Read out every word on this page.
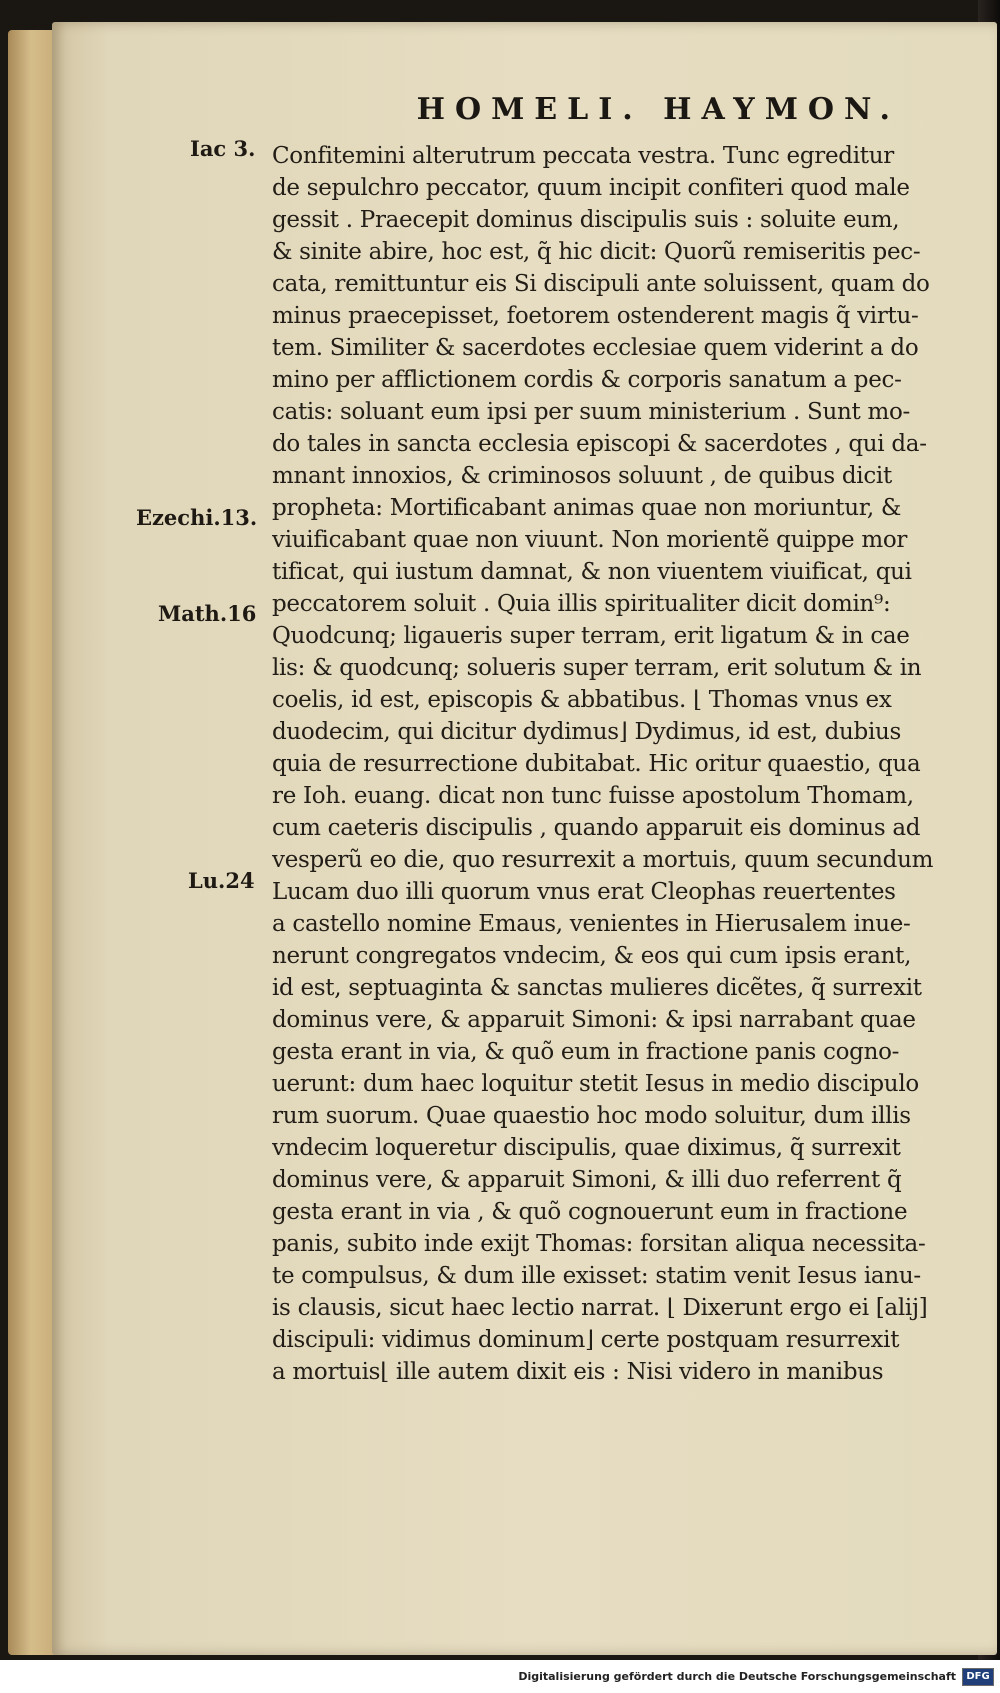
HOMELI. HAYMON.
Iac 3.
Ezechi.13.
Math.16
Lu.24
Confitemini alterutrum peccata vestra. Tunc egreditur
de sepulchro peccator, quum incipit confiteri quod male
gessit . Praecepit dominus discipulis suis : soluite eum,
& sinite abire, hoc est, q̃ hic dicit: Quorũ remiseritis pec-
cata, remittuntur eis Si discipuli ante soluissent, quam do
minus praecepisset, foetorem ostenderent magis q̃ virtu-
tem. Similiter & sacerdotes ecclesiae quem viderint a do
mino per afflictionem cordis & corporis sanatum a pec-
catis: soluant eum ipsi per suum ministerium . Sunt mo-
do tales in sancta ecclesia episcopi & sacerdotes , qui da-
mnant innoxios, & criminosos soluunt , de quibus dicit
propheta: Mortificabant animas quae non moriuntur, &
viuificabant quae non viuunt. Non morientẽ quippe mor
tificat, qui iustum damnat, & non viuentem viuificat, qui
peccatorem soluit . Quia illis spiritualiter dicit domin⁹:
Quodcunq; ligaueris super terram, erit ligatum & in cae
lis: & quodcunq; solueris super terram, erit solutum & in
coelis, id est, episcopis & abbatibus. ⌊ Thomas vnus ex
duodecim, qui dicitur dydimus⌋ Dydimus, id est, dubius
quia de resurrectione dubitabat. Hic oritur quaestio, qua
re Ioh. euang. dicat non tunc fuisse apostolum Thomam,
cum caeteris discipulis , quando apparuit eis dominus ad
vesperũ eo die, quo resurrexit a mortuis, quum secundum
Lucam duo illi quorum vnus erat Cleophas reuertentes
a castello nomine Emaus, venientes in Hierusalem inue-
nerunt congregatos vndecim, & eos qui cum ipsis erant,
id est, septuaginta & sanctas mulieres dicẽtes, q̃ surrexit
dominus vere, & apparuit Simoni: & ipsi narrabant quae
gesta erant in via, & quõ eum in fractione panis cogno-
uerunt: dum haec loquitur stetit Iesus in medio discipulo
rum suorum. Quae quaestio hoc modo soluitur, dum illis
vndecim loqueretur discipulis, quae diximus, q̃ surrexit
dominus vere, & apparuit Simoni, & illi duo referrent q̃
gesta erant in via , & quõ cognouerunt eum in fractione
panis, subito inde exijt Thomas: forsitan aliqua necessita-
te compulsus, & dum ille exisset: statim venit Iesus ianu-
is clausis, sicut haec lectio narrat. ⌊ Dixerunt ergo ei [alij]
discipuli: vidimus dominum⌋ certe postquam resurrexit
a mortuis⌊ ille autem dixit eis : Nisi videro in manibus
Digitalisierung gefördert durch die Deutsche Forschungsgemeinschaft	DFG
